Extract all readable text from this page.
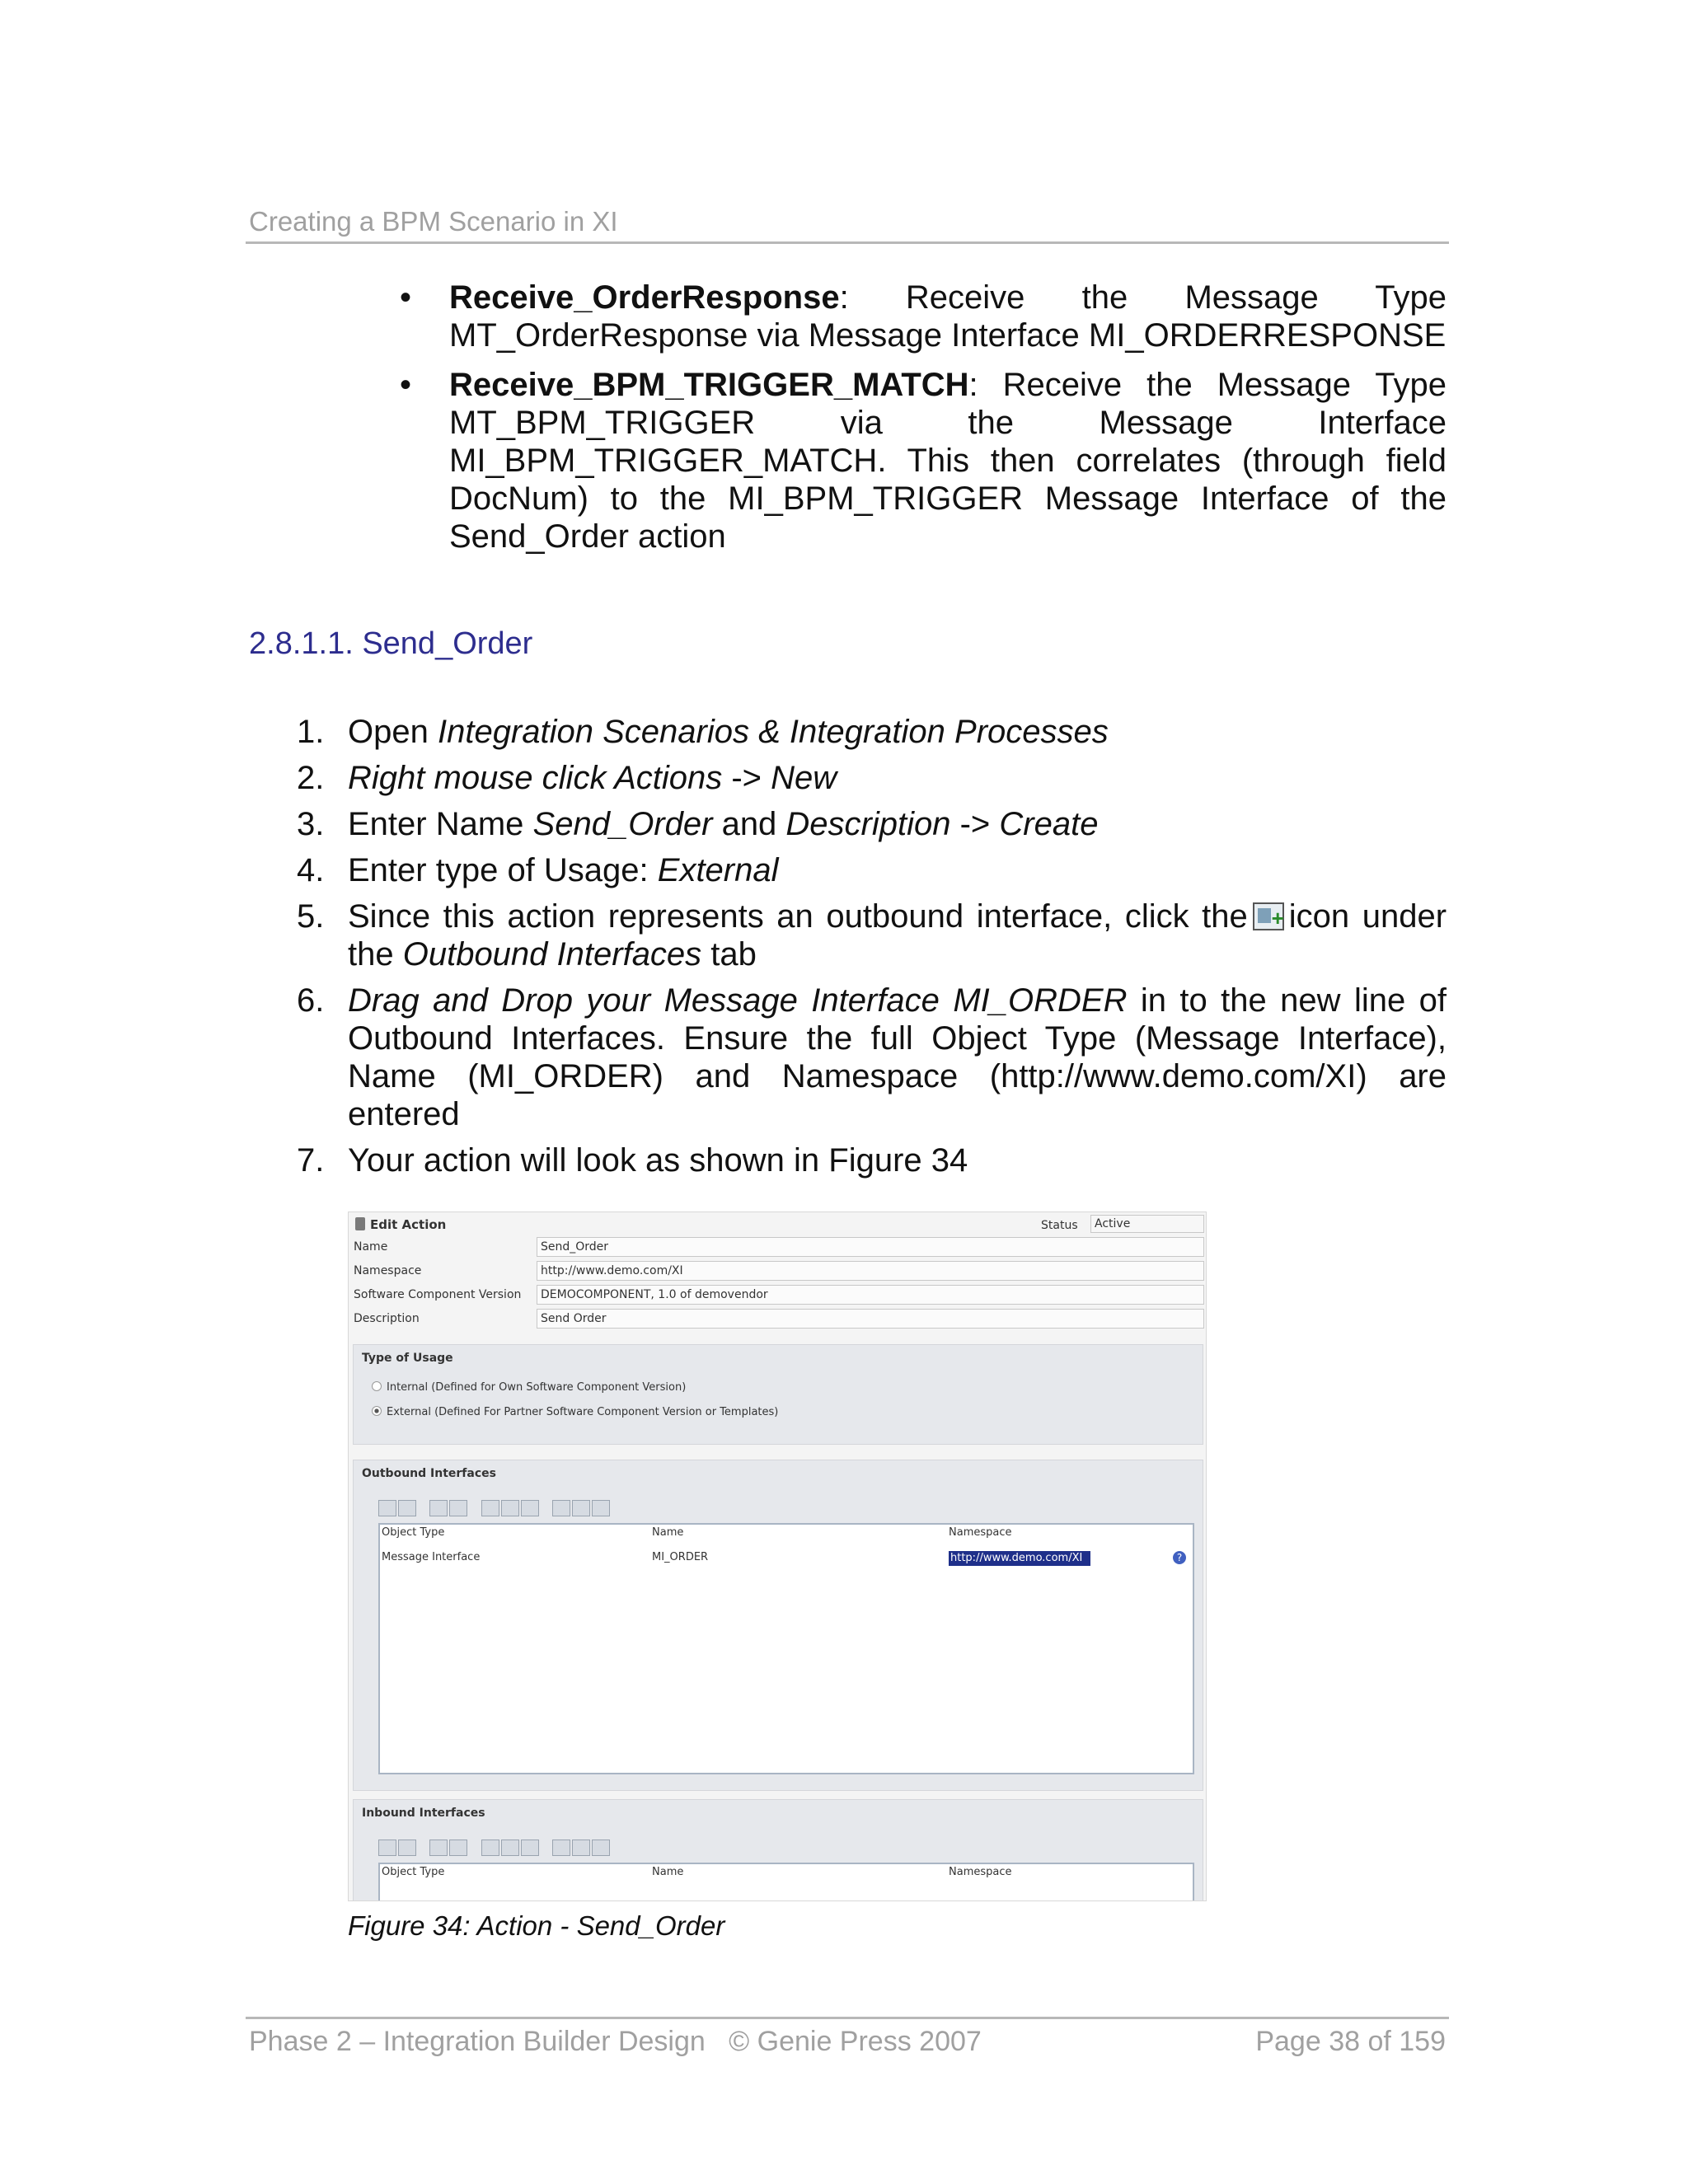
Creating a BPM Scenario in XI
• Receive_OrderResponse: Receive the Message Type MT_OrderResponse via Message Interface MI_ORDERRESPONSE
• Receive_BPM_TRIGGER_MATCH: Receive the Message Type MT_BPM_TRIGGER via the Message Interface MI_BPM_TRIGGER_MATCH. This then correlates (through field DocNum) to the MI_BPM_TRIGGER Message Interface of the Send_Order action
2.8.1.1. Send_Order
1. Open Integration Scenarios & Integration Processes
2. Right mouse click Actions -> New
3. Enter Name Send_Order and Description -> Create
4. Enter type of Usage: External
5. Since this action represents an outbound interface, click the+ icon under the Outbound Interfaces tab
6. Drag and Drop your Message Interface MI_ORDER in to the new line of Outbound Interfaces. Ensure the full Object Type (Message Interface), Name (MI_ORDER) and Namespace (http://www.demo.com/XI) are entered
7. Your action will look as shown in Figure 34
Edit Action	Status	Active
Name	Send_Order
Namespace	http://www.demo.com/XI
Software Component Version	DEMOCOMPONENT, 1.0 of demovendor
Description	Send Order
Type of Usage
Internal (Defined for Own Software Component Version)
External (Defined For Partner Software Component Version or Templates)
Outbound Interfaces

Object Type	Name	Namespace
Message Interface	MI_ORDER	http://www.demo.com/XI	?
Inbound Interfaces

Object Type	Name	Namespace
Figure 34: Action - Send_Order
Phase 2 – Integration Builder Design   © Genie Press 2007	Page 38 of 159
